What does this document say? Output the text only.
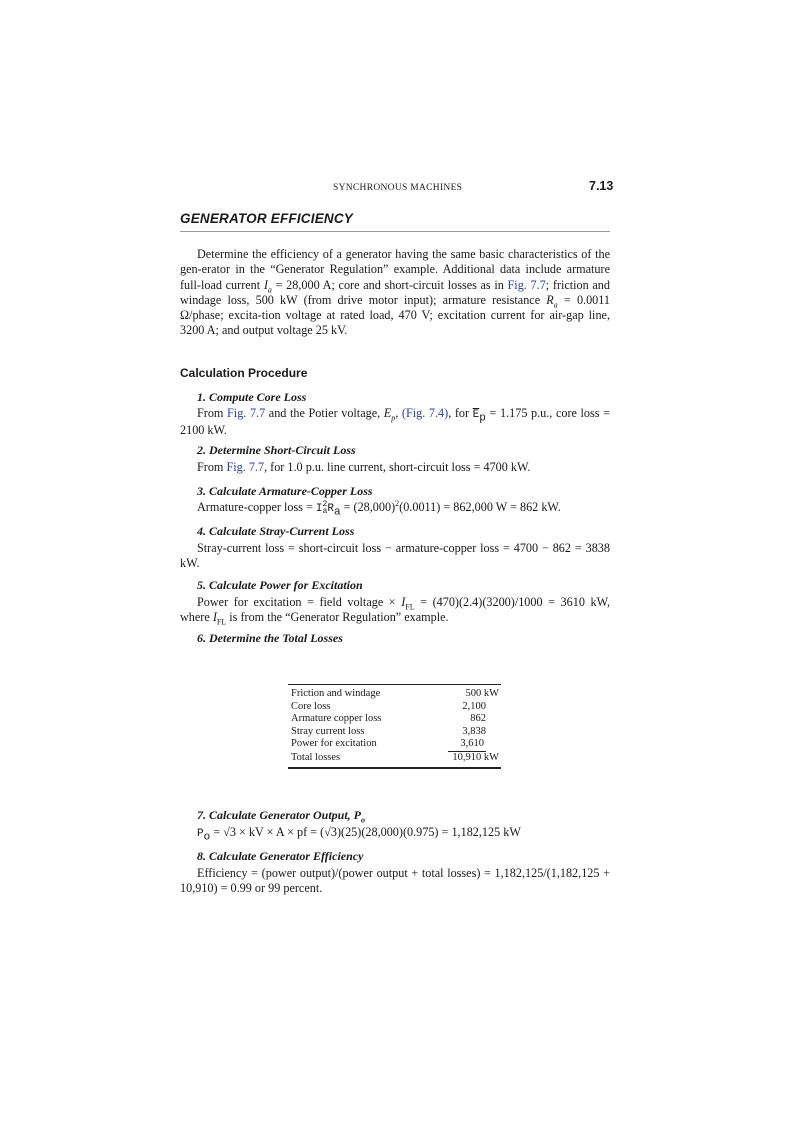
SYNCHRONOUS MACHINES	7.13
GENERATOR EFFICIENCY
Determine the efficiency of a generator having the same basic characteristics of the gen-erator in the “Generator Regulation” example. Additional data include armature full-load current $I_a = 28,000$ A; core and short-circuit losses as in Fig. 7.7; friction and windage loss, 500 kW (from drive motor input); armature resistance $R_a = 0.0011$ Ω/phase; excita-tion voltage at rated load, 470 V; excitation current for air-gap line, 3200 A; and output voltage 25 kV.
Calculation Procedure
1. Compute Core Loss
From Fig. 7.7 and the Potier voltage, $E_p$, (Fig. 7.4), for $\overline{E}_p = 1.175$ p.u., core loss = 2100 kW.
2. Determine Short-Circuit Loss
From Fig. 7.7, for 1.0 p.u. line current, short-circuit loss = 4700 kW.
3. Calculate Armature-Copper Loss
Armature-copper loss = I 2
a $R_a = (28,000)^2(0.0011) = 862,000$ W = 862 kW.
4. Calculate Stray-Current Loss
Stray-current loss = short-circuit loss − armature-copper loss = 4700 − 862 = 3838 kW.
5. Calculate Power for Excitation
Power for excitation = field voltage × $I_{FL} = (470)(2.4)(3200)/1000 = 3610$ kW, where $I_{FL}$ is from the “Generator Regulation” example.
6. Determine the Total Losses
Friction and windage	500 kW
Core loss	2,100
Armature copper loss	862
Stray current loss	3,838
Power for excitation	3,610
Total losses	10,910 kW
7. Calculate Generator Output, $P_o$
$P_o = √3$ × kV × A × pf = (√3)(25)(28,000)(0.975) = 1,182,125 kW
8. Calculate Generator Efficiency
Efficiency = (power output)/(power output + total losses) = 1,182,125/(1,182,125 + 10,910) = 0.99 or 99 percent.
